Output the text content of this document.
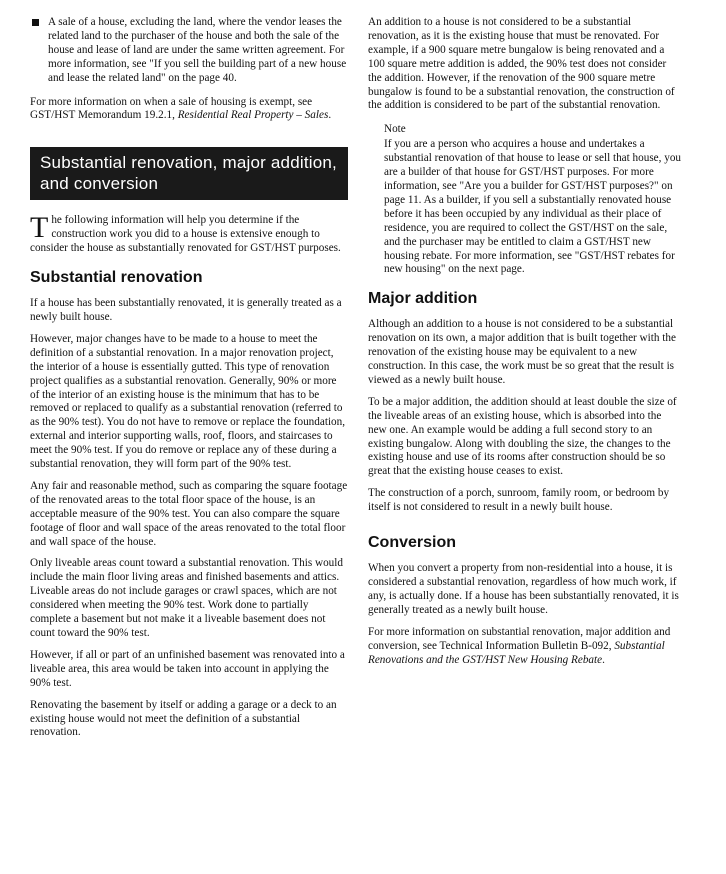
A sale of a house, excluding the land, where the vendor leases the related land to the purchaser of the house and both the sale of the house and lease of land are under the same written agreement. For more information, see "If you sell the building part of a new house and lease the related land" on the page 40.

For more information on when a sale of housing is exempt, see GST/HST Memorandum 19.2.1, Residential Real Property – Sales.

Substantial renovation, major addition, and conversion

The following information will help you determine if the construction work you did to a house is extensive enough to consider the house as substantially renovated for GST/HST purposes.

Substantial renovation

If a house has been substantially renovated, it is generally treated as a newly built house.

However, major changes have to be made to a house to meet the definition of a substantial renovation. In a major renovation project, the interior of a house is essentially gutted. This type of renovation project qualifies as a substantial renovation. Generally, 90% or more of the interior of an existing house is the minimum that has to be removed or replaced to qualify as a substantial renovation (referred to as the 90% test). You do not have to remove or replace the foundation, external and interior supporting walls, roof, floors, and staircases to meet the 90% test. If you do remove or replace any of these during a substantial renovation, they will form part of the 90% test.

Any fair and reasonable method, such as comparing the square footage of the renovated areas to the total floor space of the house, is an acceptable measure of the 90% test. You can also compare the square footage of floor and wall space of the areas renovated to the total floor and wall space of the house.

Only liveable areas count toward a substantial renovation. This would include the main floor living areas and finished basements and attics. Liveable areas do not include garages or crawl spaces, which are not considered when meeting the 90% test. Work done to partially complete a basement but not make it a liveable basement does not count toward the 90% test.

However, if all or part of an unfinished basement was renovated into a liveable area, this area would be taken into account in applying the 90% test.

Renovating the basement by itself or adding a garage or a deck to an existing house would not meet the definition of a substantial renovation.

An addition to a house is not considered to be a substantial renovation, as it is the existing house that must be renovated. For example, if a 900 square metre bungalow is being renovated and a 100 square metre addition is added, the 90% test does not consider the addition. However, if the renovation of the 900 square metre bungalow is found to be a substantial renovation, the construction of the addition is considered to be part of the substantial renovation.

Note
If you are a person who acquires a house and undertakes a substantial renovation of that house to lease or sell that house, you are a builder of that house for GST/HST purposes. For more information, see "Are you a builder for GST/HST purposes?" on page 11. As a builder, if you sell a substantially renovated house before it has been occupied by any individual as their place of residence, you are required to collect the GST/HST on the sale, and the purchaser may be entitled to claim a GST/HST new housing rebate. For more information, see "GST/HST rebates for new housing" on the next page.
Major addition

Although an addition to a house is not considered to be a substantial renovation on its own, a major addition that is built together with the renovation of the existing house may be equivalent to a new construction. In this case, the work must be so great that the result is viewed as a newly built house.

To be a major addition, the addition should at least double the size of the liveable areas of an existing house, which is absorbed into the new one. An example would be adding a full second story to an existing bungalow. Along with doubling the size, the changes to the existing house and use of its rooms after construction should be so great that the existing house ceases to exist.

The construction of a porch, sunroom, family room, or bedroom by itself is not considered to result in a newly built house.

Conversion

When you convert a property from non-residential into a house, it is considered a substantial renovation, regardless of how much work, if any, is actually done. If a house has been substantially renovated, it is generally treated as a newly built house.

For more information on substantial renovation, major addition and conversion, see Technical Information Bulletin B-092, Substantial Renovations and the GST/HST New Housing Rebate.
